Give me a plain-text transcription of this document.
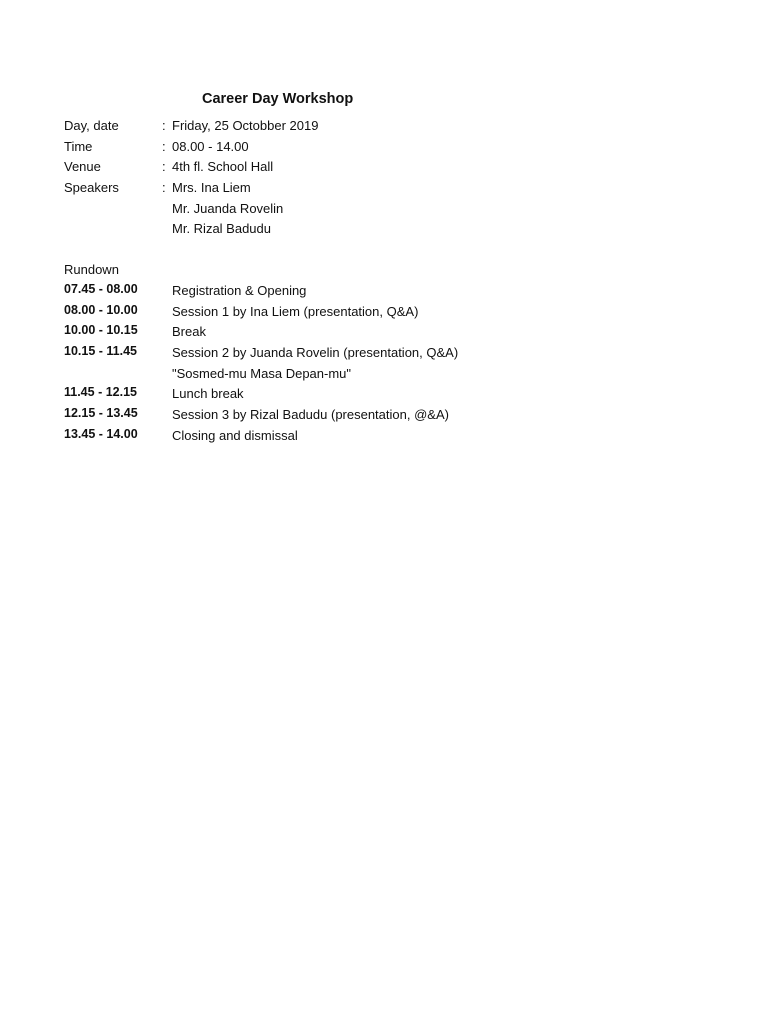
Career Day Workshop
Day, date	: Friday, 25 Octobber 2019
Time	: 08.00 - 14.00
Venue	: 4th fl. School Hall
Speakers	: Mrs. Ina Liem
Mr. Juanda Rovelin
Mr. Rizal Badudu
Rundown
07.45 - 08.00	Registration & Opening
08.00 - 10.00	Session 1 by Ina Liem (presentation, Q&A)
10.00 - 10.15	Break
10.15 - 11.45	Session 2 by Juanda Rovelin (presentation, Q&A)
"Sosmed-mu Masa Depan-mu"
11.45 - 12.15	Lunch break
12.15 - 13.45	Session 3 by Rizal Badudu (presentation, @&A)
13.45 - 14.00	Closing and dismissal
